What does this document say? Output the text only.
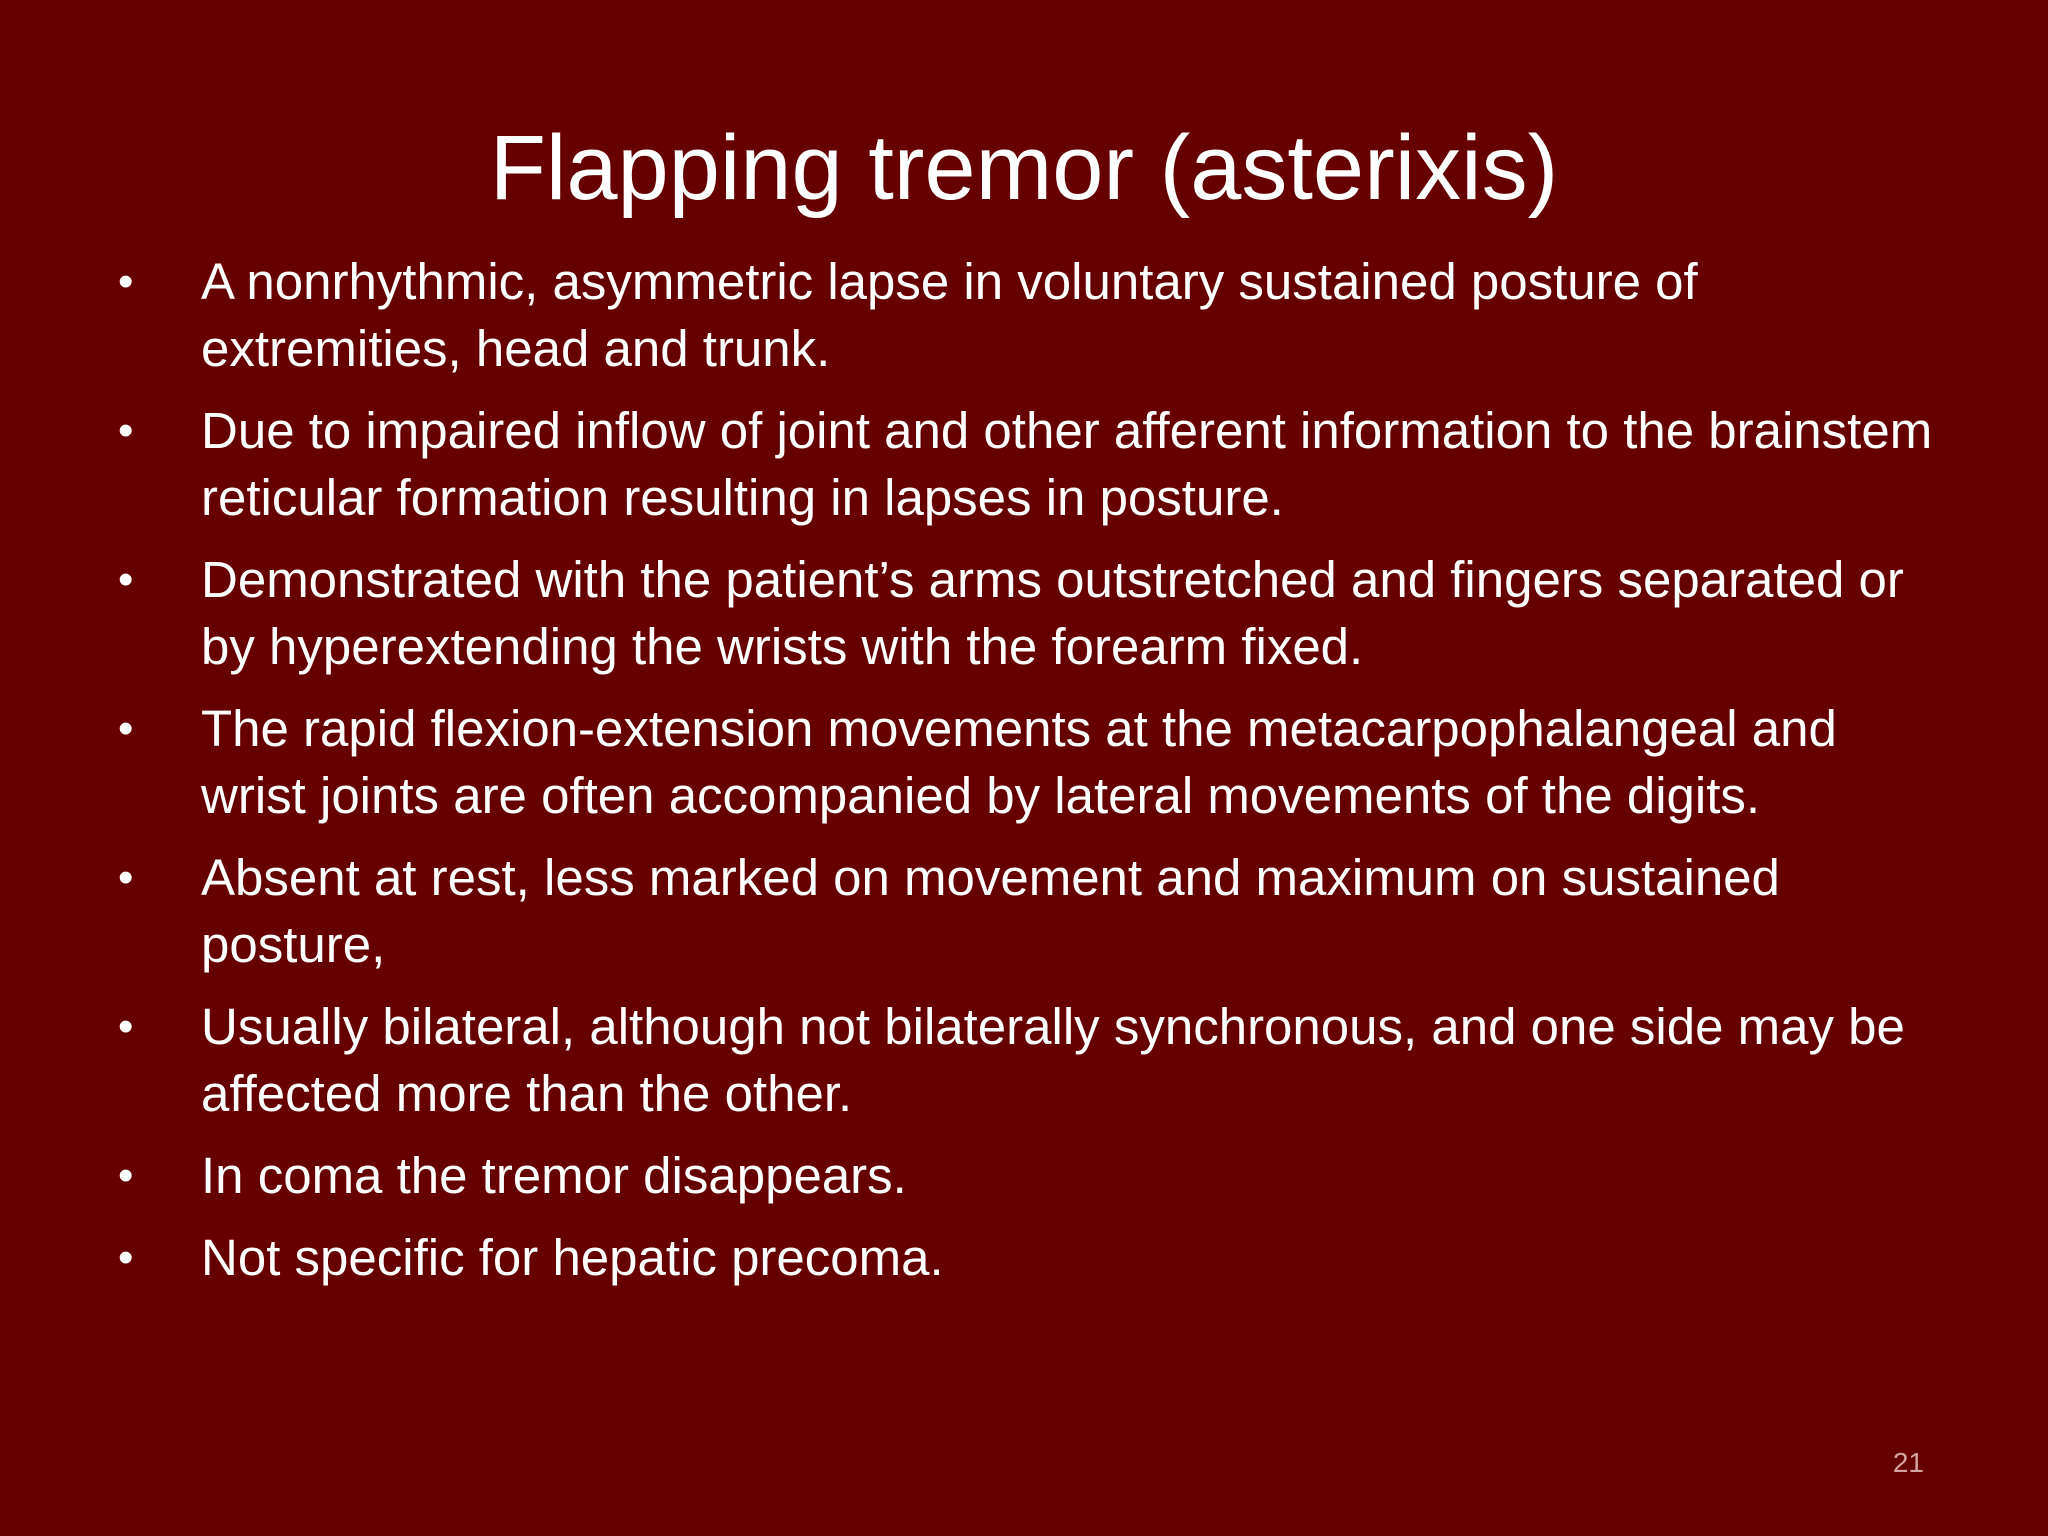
Flapping tremor (asterixis)
•	A nonrhythmic, asymmetric lapse in voluntary sustained posture of extremities, head and trunk.
•	Due to impaired inflow of joint and other afferent information to the brainstem reticular formation resulting in lapses in posture.
•	Demonstrated with the patient’s arms outstretched and fingers separated or by hyperextending the wrists with the forearm fixed.
•	The rapid flexion-extension movements at the metacarpophalangeal and wrist joints are often accompanied by lateral movements of the digits.
•	Absent at rest, less marked on movement and maximum on sustained posture,
•	Usually bilateral, although not bilaterally synchronous, and one side may be affected more than the other.
•	In coma the tremor disappears.
•	Not specific for hepatic precoma.
21
